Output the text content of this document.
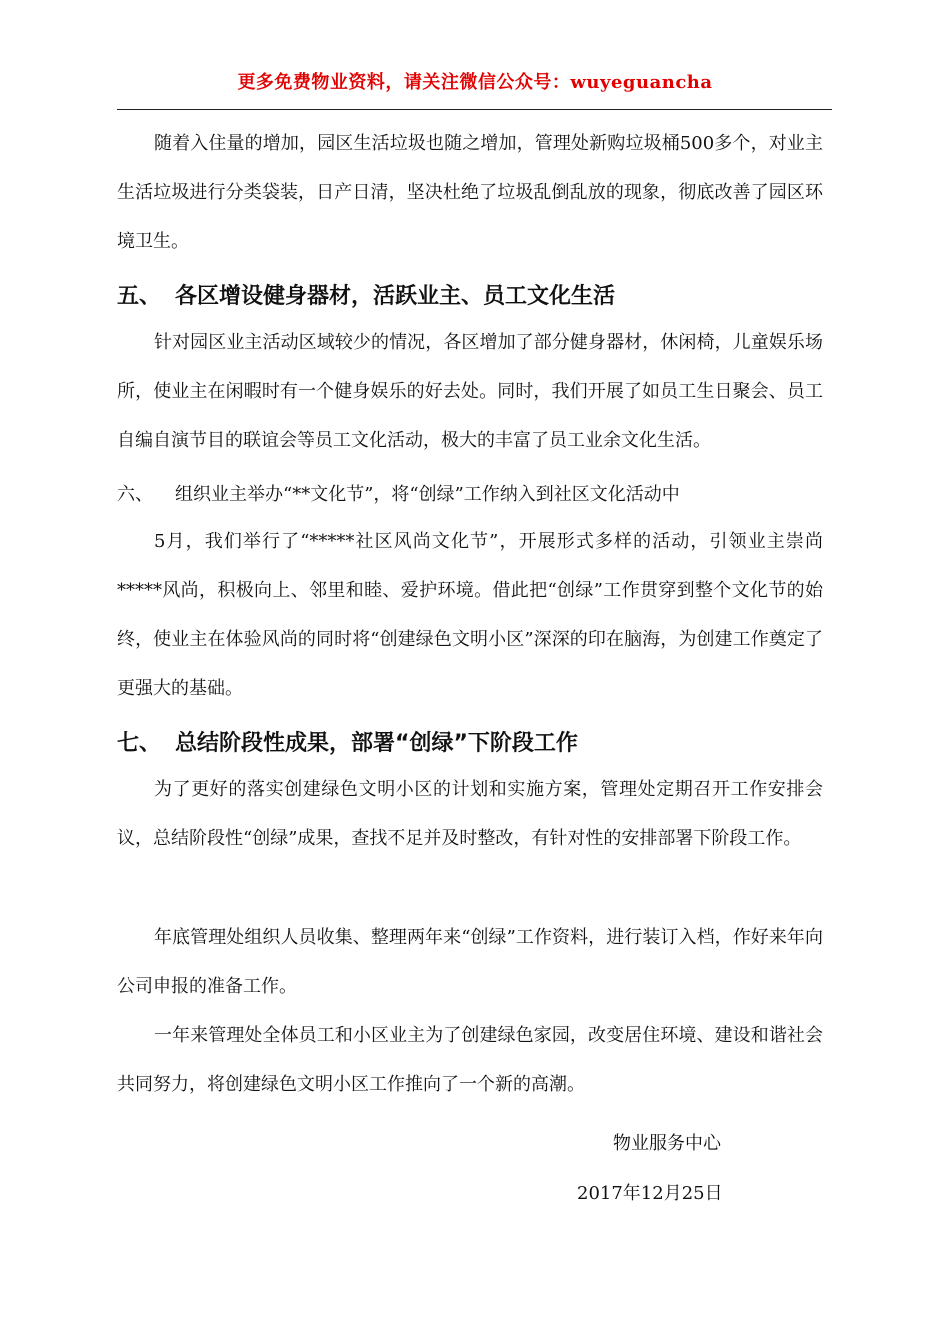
更多免费物业资料，请关注微信公众号：wuyeguancha

随着入住量的增加，园区生活垃圾也随之增加，管理处新购垃圾桶500多个，对业主生活垃圾进行分类袋装，日产日清，坚决杜绝了垃圾乱倒乱放的现象，彻底改善了园区环境卫生。

五、 各区增设健身器材，活跃业主、员工文化生活

针对园区业主活动区域较少的情况，各区增加了部分健身器材，休闲椅，儿童娱乐场所，使业主在闲暇时有一个健身娱乐的好去处。同时，我们开展了如员工生日聚会、员工自编自演节目的联谊会等员工文化活动，极大的丰富了员工业余文化生活。

六、 组织业主举办“**文化节”，将“创绿”工作纳入到社区文化活动中

5月，我们举行了“*****社区风尚文化节”，开展形式多样的活动，引领业主崇尚*****风尚，积极向上、邻里和睦、爱护环境。借此把“创绿”工作贯穿到整个文化节的始终，使业主在体验风尚的同时将“创建绿色文明小区”深深的印在脑海，为创建工作奠定了更强大的基础。

七、 总结阶段性成果，部署“创绿”下阶段工作

为了更好的落实创建绿色文明小区的计划和实施方案，管理处定期召开工作安排会议，总结阶段性“创绿”成果，查找不足并及时整改，有针对性的安排部署下阶段工作。

年底管理处组织人员收集、整理两年来“创绿”工作资料，进行装订入档，作好来年向公司申报的准备工作。

一年来管理处全体员工和小区业主为了创建绿色家园，改变居住环境、建设和谐社会共同努力，将创建绿色文明小区工作推向了一个新的高潮。

物业服务中心

2017年12月25日
